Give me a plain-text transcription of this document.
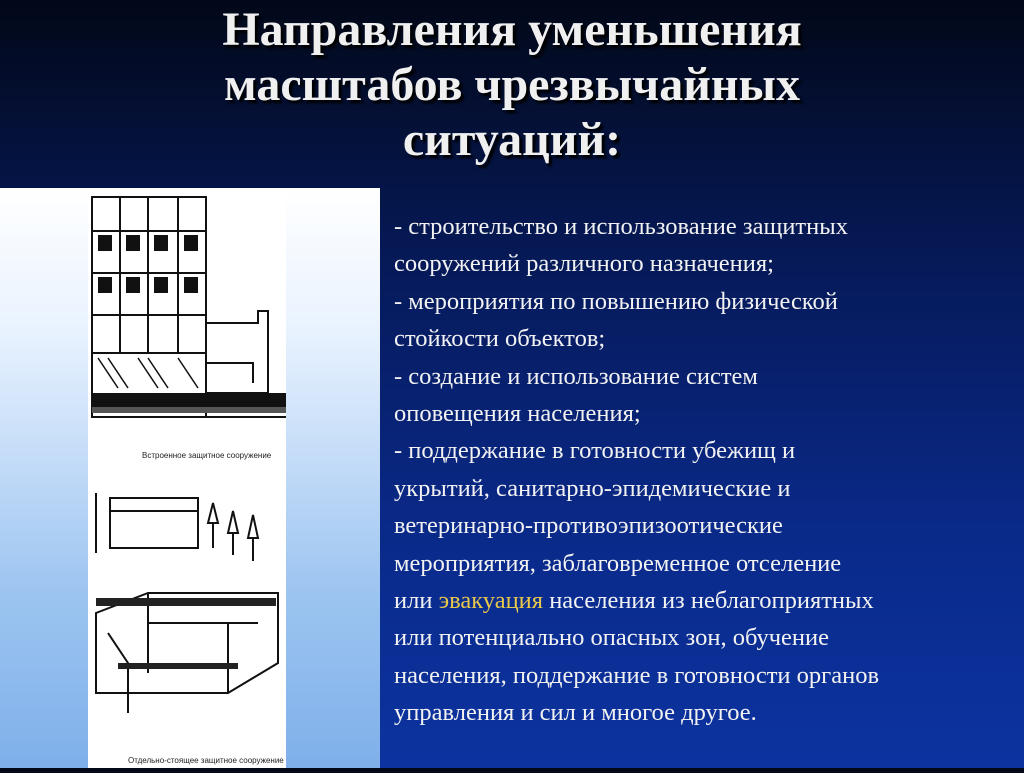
Направления уменьшения
масштабов чрезвычайных
ситуаций:
Встроенное защитное сооружение
Отдельно-стоящее защитное сооружение

- строительство и использование защитных

сооружений различного назначения;

- мероприятия по повышению физической

стойкости объектов;

- создание и использование систем

оповещения населения;

- поддержание в готовности убежищ и

укрытий, санитарно-эпидемические и

ветеринарно-противоэпизоотические

мероприятия, заблаговременное отселение

или эвакуация населения из неблагоприятных

или потенциально опасных зон, обучение

населения, поддержание в готовности органов

управления и сил и многое другое.
